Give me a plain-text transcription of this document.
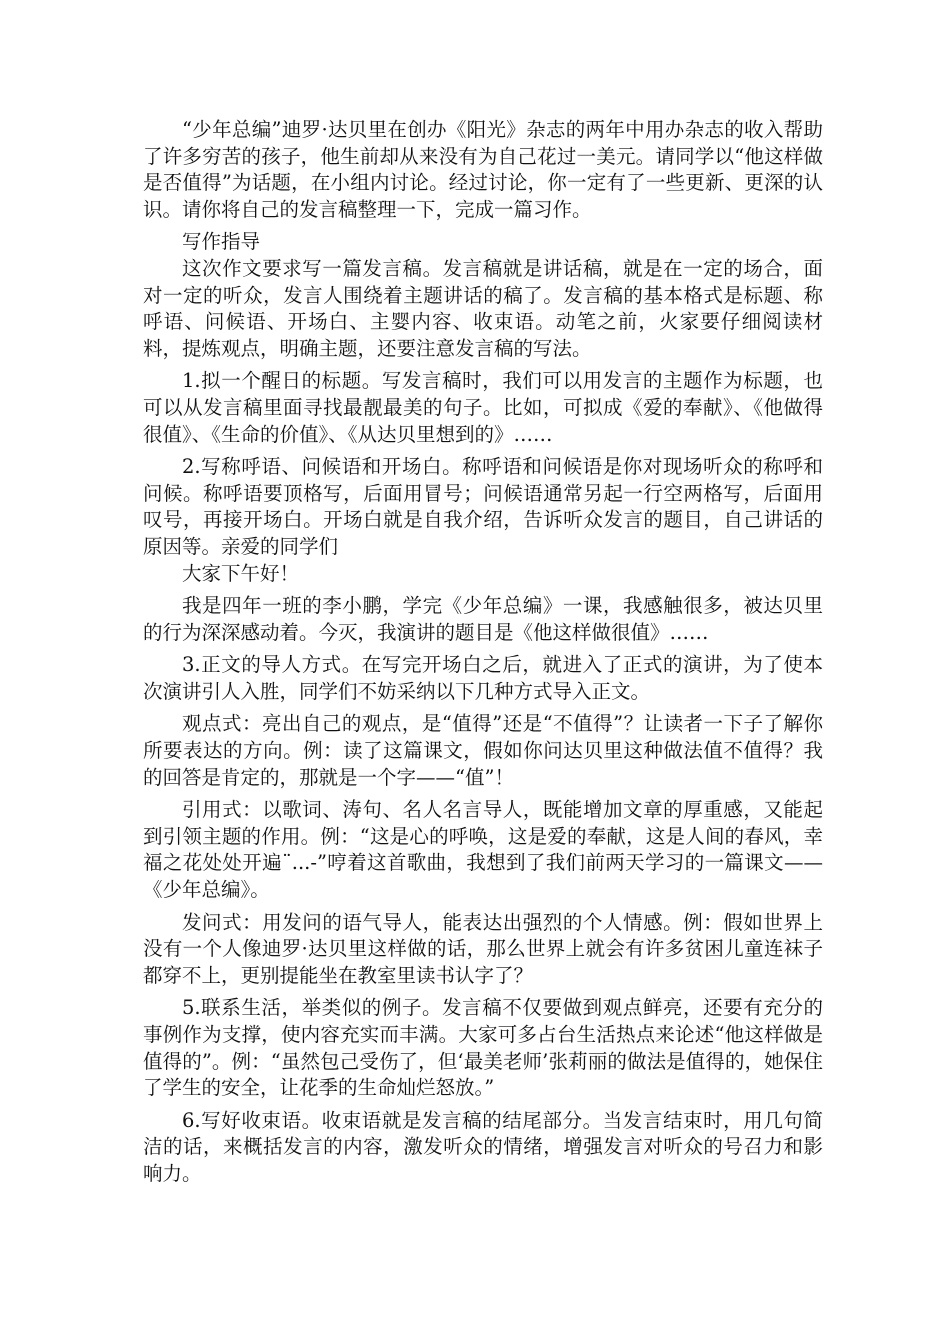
“少年总编”迪罗·达贝里在创办《阳光》杂志的两年中用办杂志的收入帮助了许多穷苦的孩子，他生前却从来没有为自己花过一美元。请同学以“他这样做是否值得”为话题，在小组内讨论。经过讨论，你一定有了一些更新、更深的认识。请你将自己的发言稿整理一下，完成一篇习作。

写作指导

这次作文要求写一篇发言稿。发言稿就是讲话稿，就是在一定的场合，面对一定的听众，发言人围绕着主题讲话的稿了。发言稿的基本格式是标题、称呼语、问候语、开场白、主婴内容、收束语。动笔之前，火家要仔细阅读材料，提炼观点，明确主题，还要注意发言稿的写法。

1.拟一个醒日的标题。写发言稿时，我们可以用发言的主题作为标题，也可以从发言稿里面寻找最靓最美的句子。比如，可拟成《爱的奉献》、《他做得很值》、《生命的价值》、《从达贝里想到的》……

2.写称呼语、问候语和开场白。称呼语和问候语是你对现场听众的称呼和问候。称呼语要顶格写，后面用冒号；问候语通常另起一行空两格写，后面用叹号，再接开场白。开场白就是自我介绍，告诉听众发言的题目，自己讲话的原因等。亲爱的同学们

大家下午好！

我是四年一班的李小鹏，学完《少年总编》一课，我感触很多，被达贝里的行为深深感动着。今灭，我演讲的题目是《他这样做很值》……

3.正文的导人方式。在写完开场白之后，就进入了正式的演讲，为了使本次演讲引人入胜，同学们不妨采纳以下几种方式导入正文。

观点式：亮出自己的观点，是“值得”还是“不值得”？让读者一下子了解你所要表达的方向。例：读了这篇课文，假如你问达贝里这种做法值不值得？我的回答是肯定的，那就是一个字——“值”！

引用式：以歌词、涛句、名人名言导人，既能增加文章的厚重感，又能起到引领主题的作用。例：“这是心的呼唤，这是爱的奉献，这是人间的春风，幸福之花处处开遍¨...-”哼着这首歌曲，我想到了我们前两天学习的一篇课文——《少年总编》。

发问式：用发问的语气导人，能表达出强烈的个人情感。例：假如世界上没有一个人像迪罗·达贝里这样做的话，那么世界上就会有许多贫困儿童连袜子都穿不上，更别提能坐在教室里读书认字了？

5.联系生活，举类似的例子。发言稿不仅要做到观点鲜亮，还要有充分的事例作为支撑，使内容充实而丰满。大家可多占台生活热点来论述“他这样做是值得的”。例：“虽然包己受伤了，但‘最美老师’张莉丽的做法是值得的，她保住了学生的安全，让花季的生命灿烂怒放。”

6.写好收束语。收束语就是发言稿的结尾部分。当发言结束时，用几句简洁的话，来概括发言的内容，激发听众的情绪，增强发言对听众的号召力和影响力。
